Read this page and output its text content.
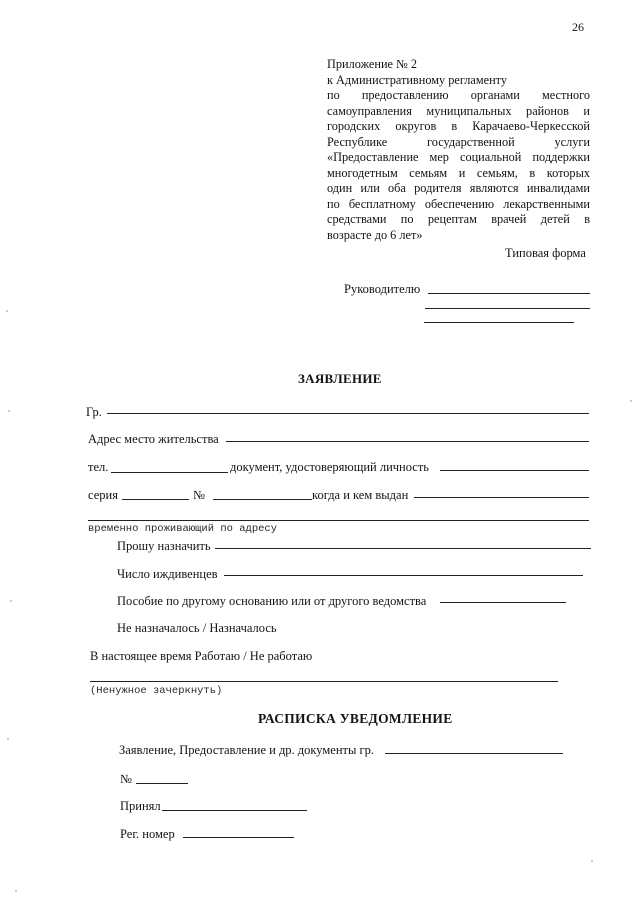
26
Приложение № 2
к Административному регламенту
по предоставлению органами местного
самоуправления муниципальных районов и
городских округов в Карачаево-Черкесской
Республике государственной услуги
«Предоставление мер социальной поддержки
многодетным семьям и семьям, в которых
один или оба родителя являются инвалидами
по бесплатному обеспечению лекарственными
средствами по рецептам врачей детей в
возрасте до 6 лет»
Типовая форма
Руководителю
ЗАЯВЛЕНИЕ
Гр.
Адрес место жительства
тел.	документ, удостоверяющий личность
серия	№	когда и кем выдан
временно проживающий по адресу
Прошу назначить
Число иждивенцев
Пособие по другому основанию или от другого ведомства
Не назначалось / Назначалось
В настоящее время Работаю / Не работаю
(Ненужное зачеркнуть)
РАСПИСКА УВЕДОМЛЕНИЕ
Заявление, Предоставление и др. документы гр.
№
Принял
Рег. номер
